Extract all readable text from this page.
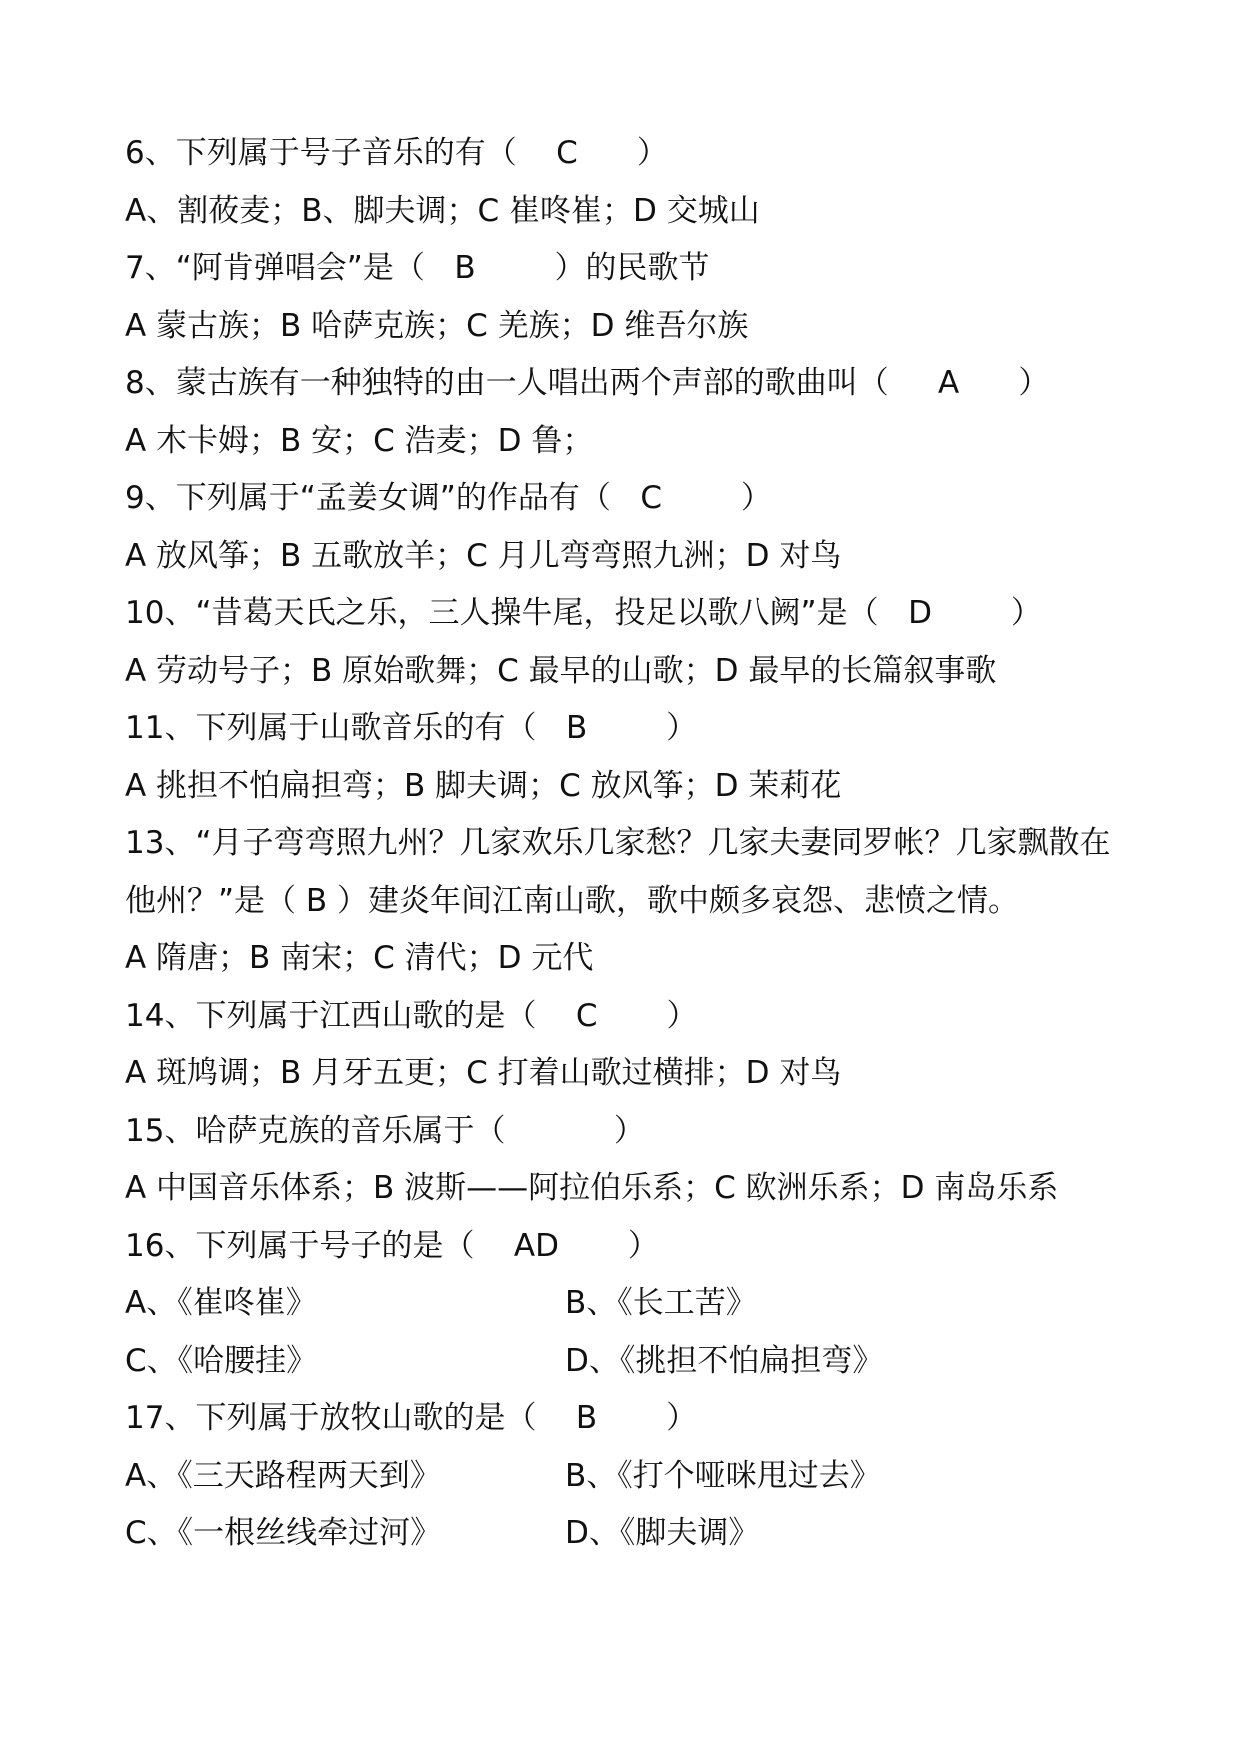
6、下列属于号子音乐的有（    C      ）
A、割莜麦；B、脚夫调；C 崔咚崔；D 交城山
7、“阿肯弹唱会”是（   B        ）的民歌节
A 蒙古族；B 哈萨克族；C 羌族；D 维吾尔族
8、蒙古族有一种独特的由一人唱出两个声部的歌曲叫（     A      ）
A 木卡姆；B 安；C 浩麦；D 鲁；
9、下列属于“孟姜女调”的作品有（   C        ）
A 放风筝；B 五歌放羊；C 月儿弯弯照九洲；D 对鸟
10、“昔葛天氏之乐，三人操牛尾，投足以歌八阙”是（   D        ）
A 劳动号子；B 原始歌舞；C 最早的山歌；D 最早的长篇叙事歌
11、下列属于山歌音乐的有（   B        ）
A 挑担不怕扁担弯；B 脚夫调；C 放风筝；D 茉莉花
13、“月子弯弯照九州？几家欢乐几家愁？几家夫妻同罗帐？几家飘散在他州？”是（ B ）建炎年间江南山歌，歌中颇多哀怨、悲愤之情。
A 隋唐；B 南宋；C 清代；D 元代
14、下列属于江西山歌的是（    C       ）
A 斑鸠调；B 月牙五更；C 打着山歌过横排；D 对鸟
15、哈萨克族的音乐属于（           ）
A 中国音乐体系；B 波斯——阿拉伯乐系；C 欧洲乐系；D 南岛乐系
16、下列属于号子的是（    AD       ）

A、《崔咚崔》

	B、《长工苦》

C、《哈腰挂》

	D、《挑担不怕扁担弯》

17、下列属于放牧山歌的是（    B       ）

A、《三天路程两天到》

	B、《打个哑咪甩过去》

C、《一根丝线牵过河》

	D、《脚夫调》
